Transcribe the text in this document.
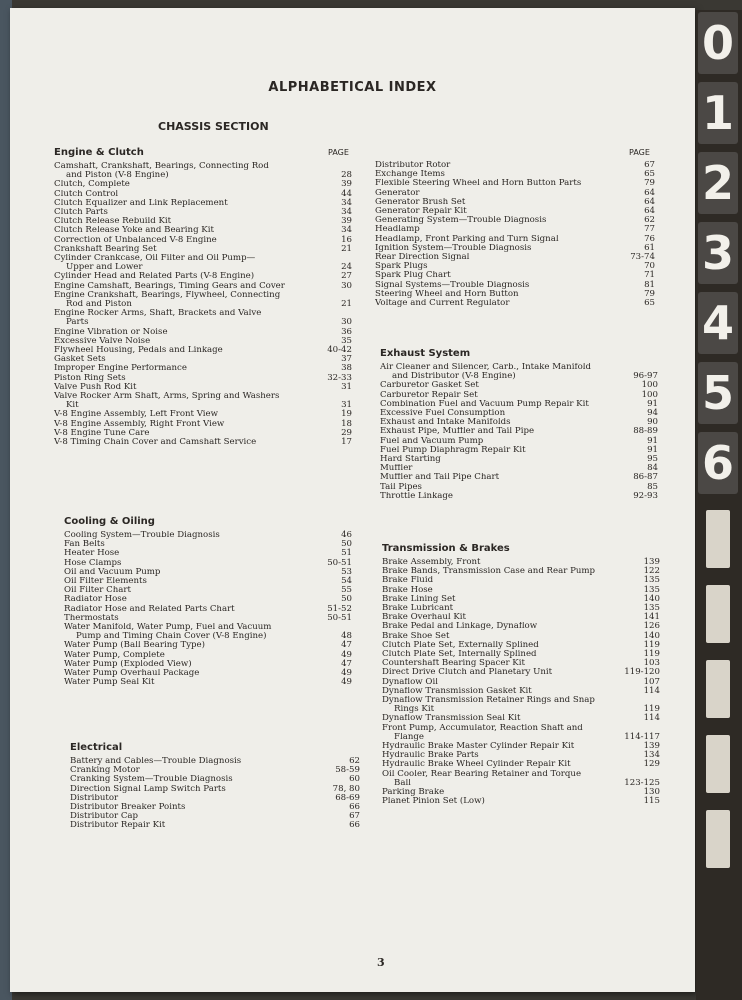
ALPHABETICAL INDEX
CHASSIS SECTION
PAGE	PAGE
Engine & Clutch
Camshaft, Crankshaft, Bearings, Connecting Rod
and Piston (V-8 Engine)	28
Clutch, Complete	39
Clutch Control	44
Clutch Equalizer and Link Replacement	34
Clutch Parts	34
Clutch Release Rebuild Kit	39
Clutch Release Yoke and Bearing Kit	34
Correction of Unbalanced V-8 Engine	16
Crankshaft Bearing Set	21
Cylinder Crankcase, Oil Filter and Oil Pump—
Upper and Lower	24
Cylinder Head and Related Parts (V-8 Engine)	27
Engine Camshaft, Bearings, Timing Gears and Cover	30
Engine Crankshaft, Bearings, Flywheel, Connecting
Rod and Piston	21
Engine Rocker Arms, Shaft, Brackets and Valve
Parts	30
Engine Vibration or Noise	36
Excessive Valve Noise	35
Flywheel Housing, Pedals and Linkage	40-42
Gasket Sets	37
Improper Engine Performance	38
Piston Ring Sets	32-33
Valve Push Rod Kit	31
Valve Rocker Arm Shaft, Arms, Spring and Washers
Kit	31
V-8 Engine Assembly, Left Front View	19
V-8 Engine Assembly, Right Front View	18
V-8 Engine Tune Care	29
V-8 Timing Chain Cover and Camshaft Service	17
Cooling & Oiling
Cooling System—Trouble Diagnosis	46
Fan Belts	50
Heater Hose	51
Hose Clamps	50-51
Oil and Vacuum Pump	53
Oil Filter Elements	54
Oil Filter Chart	55
Radiator Hose	50
Radiator Hose and Related Parts Chart	51-52
Thermostats	50-51
Water Manifold, Water Pump, Fuel and Vacuum
Pump and Timing Chain Cover (V-8 Engine)	48
Water Pump (Ball Bearing Type)	47
Water Pump, Complete	49
Water Pump (Exploded View)	47
Water Pump Overhaul Package	49
Water Pump Seal Kit	49
Electrical
Battery and Cables—Trouble Diagnosis	62
Cranking Motor	58-59
Cranking System—Trouble Diagnosis	60
Direction Signal Lamp Switch Parts	78, 80
Distributor	68-69
Distributor Breaker Points	66
Distributor Cap	67
Distributor Repair Kit	66
Distributor Rotor	67
Exchange Items	65
Flexible Steering Wheel and Horn Button Parts	79
Generator	64
Generator Brush Set	64
Generator Repair Kit	64
Generating System—Trouble Diagnosis	62
Headlamp	77
Headlamp, Front Parking and Turn Signal	76
Ignition System—Trouble Diagnosis	61
Rear Direction Signal	73-74
Spark Plugs	70
Spark Plug Chart	71
Signal Systems—Trouble Diagnosis	81
Steering Wheel and Horn Button	79
Voltage and Current Regulator	65
Exhaust System
Air Cleaner and Silencer, Carb., Intake Manifold
and Distributor (V-8 Engine)	96-97
Carburetor Gasket Set	100
Carburetor Repair Set	100
Combination Fuel and Vacuum Pump Repair Kit	91
Excessive Fuel Consumption	94
Exhaust and Intake Manifolds	90
Exhaust Pipe, Muffler and Tail Pipe	88-89
Fuel and Vacuum Pump	91
Fuel Pump Diaphragm Repair Kit	91
Hard Starting	95
Muffler	84
Muffler and Tail Pipe Chart	86-87
Tail Pipes	85
Throttle Linkage	92-93
Transmission & Brakes
Brake Assembly, Front	139
Brake Bands, Transmission Case and Rear Pump	122
Brake Fluid	135
Brake Hose	135
Brake Lining Set	140
Brake Lubricant	135
Brake Overhaul Kit	141
Brake Pedal and Linkage, Dynaflow	126
Brake Shoe Set	140
Clutch Plate Set, Externally Splined	119
Clutch Plate Set, Internally Splined	119
Countershaft Bearing Spacer Kit	103
Direct Drive Clutch and Planetary Unit	119-120
Dynaflow Oil	107
Dynaflow Transmission Gasket Kit	114
Dynaflow Transmission Retainer Rings and Snap
Rings Kit	119
Dynaflow Transmission Seal Kit	114
Front Pump, Accumulator, Reaction Shaft and
Flange	114-117
Hydraulic Brake Master Cylinder Repair Kit	139
Hydraulic Brake Parts	134
Hydraulic Brake Wheel Cylinder Repair Kit	129
Oil Cooler, Rear Bearing Retainer and Torque
Ball	123-125
Parking Brake	130
Planet Pinion Set (Low)	115
3
0
1
2
3
4
5
6
